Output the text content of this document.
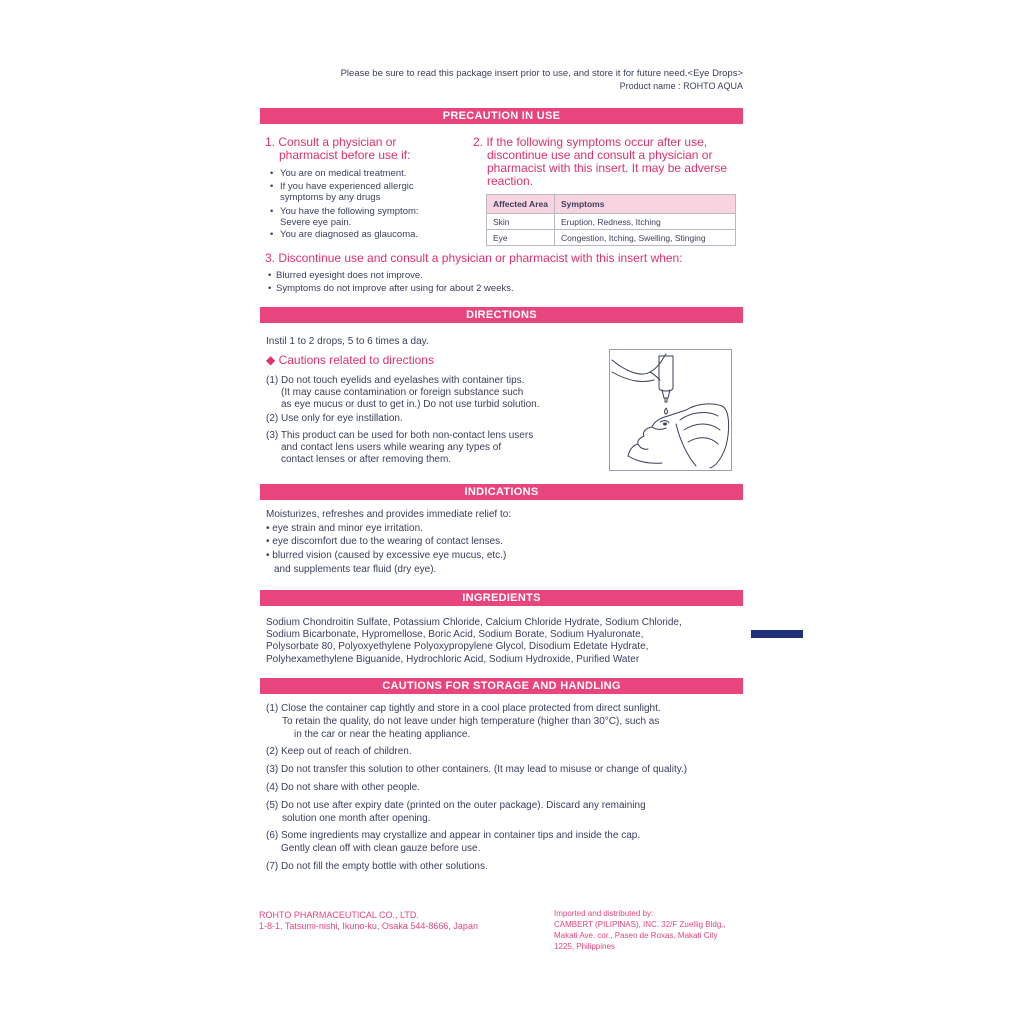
Please be sure to read this package insert prior to use, and store it for future need.<Eye Drops>
Product name : ROHTO AQUA
PRECAUTION IN USE
1. Consult a physician or
pharmacist before use if:
• You are on medical treatment.
• If you have experienced allergic
symptoms by any drugs
• You have the following symptom:
Severe eye pain.
• You are diagnosed as glaucoma.
2. If the following symptoms occur after use,
discontinue use and consult a physician or
pharmacist with this insert. It may be adverse
reaction.
Affected Area	Symptoms
Skin	Eruption, Redness, Itching
Eye	Congestion, Itching, Swelling, Stinging
3. Discontinue use and consult a physician or pharmacist with this insert when:
• Blurred eyesight does not improve.
• Symptoms do not improve after using for about 2 weeks.
DIRECTIONS
Instil 1 to 2 drops, 5 to 6 times a day.
◆ Cautions related to directions
(1) Do not touch eyelids and eyelashes with container tips.
(It may cause contamination or foreign substance such
as eye mucus or dust to get in.) Do not use turbid solution.
(2) Use only for eye instillation.
(3) This product can be used for both non-contact lens users
and contact lens users while wearing any types of
contact lenses or after removing them.
INDICATIONS
Moisturizes, refreshes and provides immediate relief to:
• eye strain and minor eye irritation.
• eye discomfort due to the wearing of contact lenses.
• blurred vision (caused by excessive eye mucus, etc.)
and supplements tear fluid (dry eye).
INGREDIENTS
Sodium Chondroitin Sulfate, Potassium Chloride, Calcium Chloride Hydrate, Sodium Chloride,
Sodium Bicarbonate, Hypromellose, Boric Acid, Sodium Borate, Sodium Hyaluronate,
Polysorbate 80, Polyoxyethylene Polyoxypropylene Glycol, Disodium Edetate Hydrate,
Polyhexamethylene Biguanide, Hydrochloric Acid, Sodium Hydroxide, Purified Water
CAUTIONS FOR STORAGE AND HANDLING
(1) Close the container cap tightly and store in a cool place protected from direct sunlight.
To retain the quality, do not leave under high temperature (higher than 30°C), such as
in the car or near the heating appliance.
(2) Keep out of reach of children.
(3) Do not transfer this solution to other containers. (It may lead to misuse or change of quality.)
(4) Do not share with other people.
(5) Do not use after expiry date (printed on the outer package). Discard any remaining
solution one month after opening.
(6) Some ingredients may crystallize and appear in container tips and inside the cap.
Gently clean off with clean gauze before use.
(7) Do not fill the empty bottle with other solutions.
ROHTO PHARMACEUTICAL CO., LTD.
1-8-1, Tatsumi-nishi, Ikuno-ku, Osaka 544-8666, Japan
Imported and distributed by:
CAMBERT (PILIPINAS), INC. 32/F Zuellig Bldg.,
Makati Ave. cor., Paseo de Roxas, Makati City
1225, Philippines
